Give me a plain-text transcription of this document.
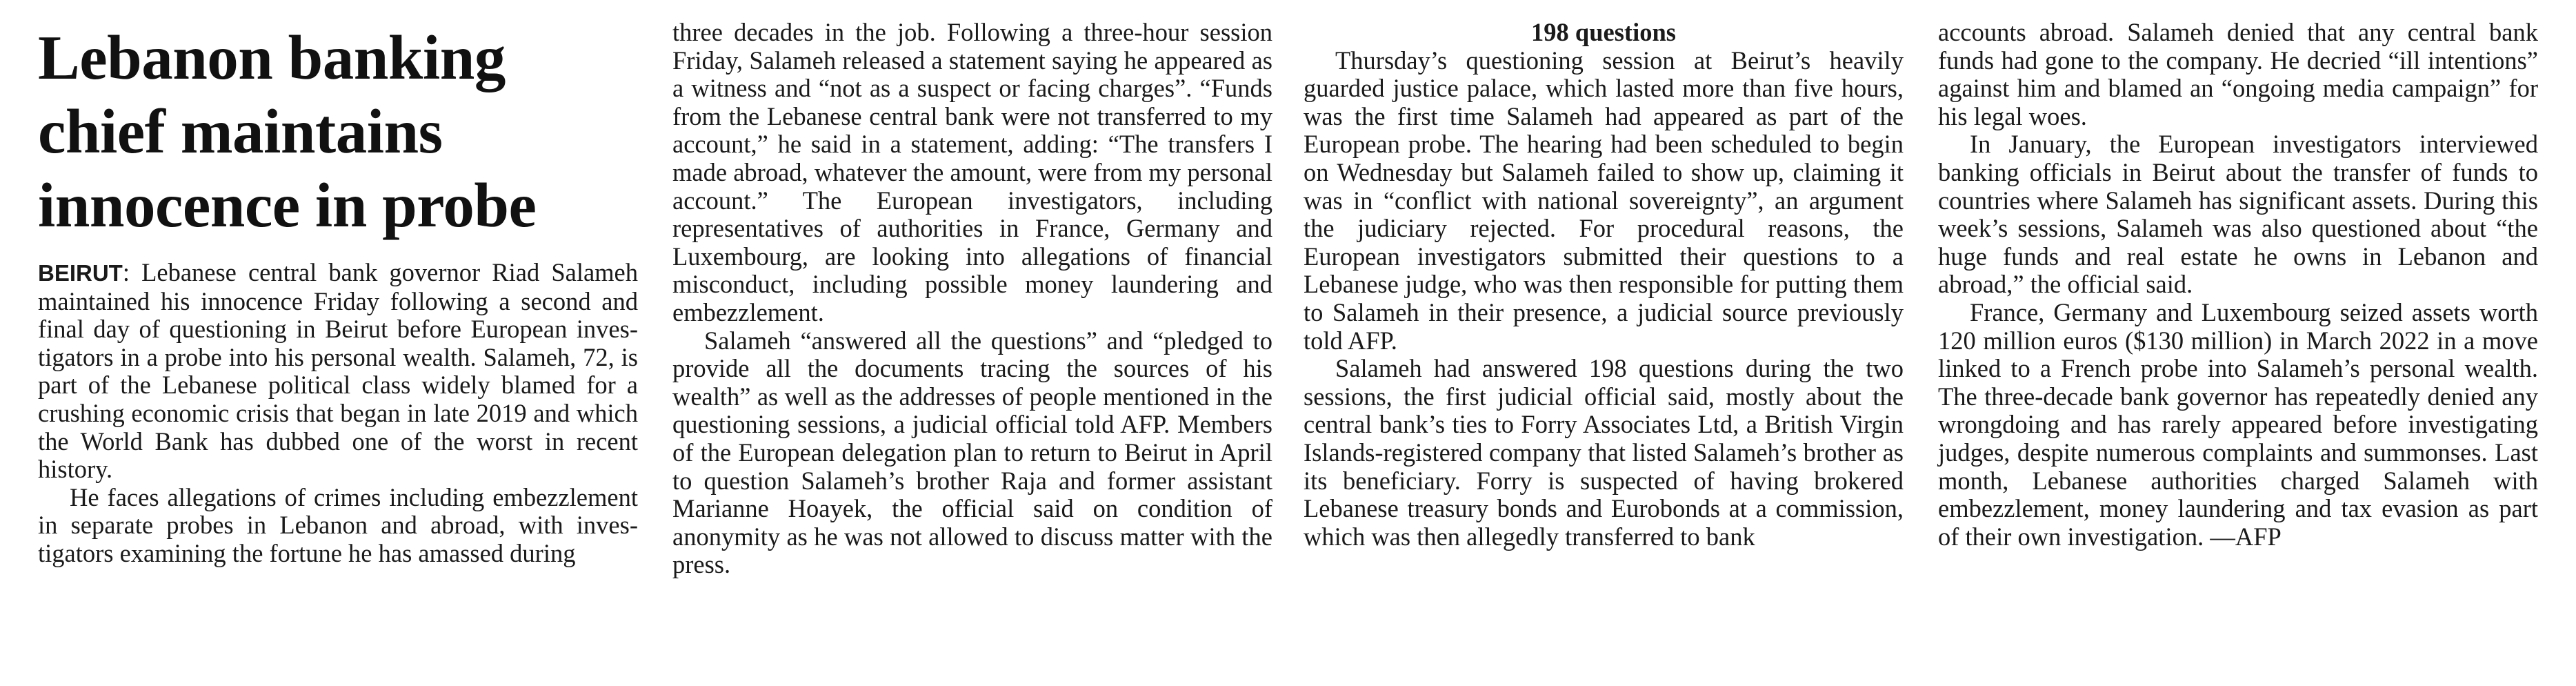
Lebanon banking
chief maintains
innocence in probe

BEIRUT: Lebanese central bank governor Riad Salameh maintained his innocence Friday following a second and final day of questioning in Beirut before European investigators in a probe into his personal wealth. Salameh, 72, is part of the Lebanese political class widely blamed for a crushing economic crisis that began in late 2019 and which the World Bank has dubbed one of the worst in recent history.

He faces allegations of crimes including embezzlement in separate probes in Lebanon and abroad, with investigators examining the fortune he has amassed during

three decades in the job. Following a three-hour session Friday, Salameh released a statement saying he appeared as a witness and “not as a suspect or facing charges”. “Funds from the Lebanese central bank were not transferred to my account,” he said in a statement, adding: “The transfers I made abroad, whatever the amount, were from my personal account.” The European investigators, including representatives of authorities in France, Germany and Luxembourg, are looking into allegations of financial misconduct, including possible money laundering and embezzlement.

Salameh “answered all the questions” and “pledged to provide all the documents tracing the sources of his wealth” as well as the addresses of people mentioned in the questioning sessions, a judicial official told AFP. Members of the European delegation plan to return to Beirut in April to question Salameh’s brother Raja and former assistant Marianne Hoayek, the official said on condition of anonymity as he was not allowed to discuss matter with the press.

198 questions

Thursday’s questioning session at Beirut’s heavily guarded justice palace, which lasted more than five hours, was the first time Salameh had appeared as part of the European probe. The hearing had been scheduled to begin on Wednesday but Salameh failed to show up, claiming it was in “conflict with national sovereignty”, an argument the judiciary rejected. For procedural reasons, the European investigators submitted their questions to a Lebanese judge, who was then responsible for putting them to Salameh in their presence, a judicial source previously told AFP.

Salameh had answered 198 questions during the two sessions, the first judicial official said, mostly about the central bank’s ties to Forry Associates Ltd, a British Virgin Islands-registered company that listed Salameh’s brother as its beneficiary. Forry is suspected of having brokered Lebanese treasury bonds and Eurobonds at a commission, which was then allegedly transferred to bank

accounts abroad. Salameh denied that any central bank funds had gone to the company. He decried “ill intentions” against him and blamed an “ongoing media campaign” for his legal woes.

In January, the European investigators interviewed banking officials in Beirut about the transfer of funds to countries where Salameh has significant assets. During this week’s sessions, Salameh was also questioned about “the huge funds and real estate he owns in Lebanon and abroad,” the official said.

France, Germany and Luxembourg seized assets worth 120 million euros ($130 million) in March 2022 in a move linked to a French probe into Salameh’s personal wealth. The three-decade bank governor has repeatedly denied any wrongdoing and has rarely appeared before investigating judges, despite numerous complaints and summonses. Last month, Lebanese authorities charged Salameh with embezzlement, money laundering and tax evasion as part of their own investigation. —AFP
